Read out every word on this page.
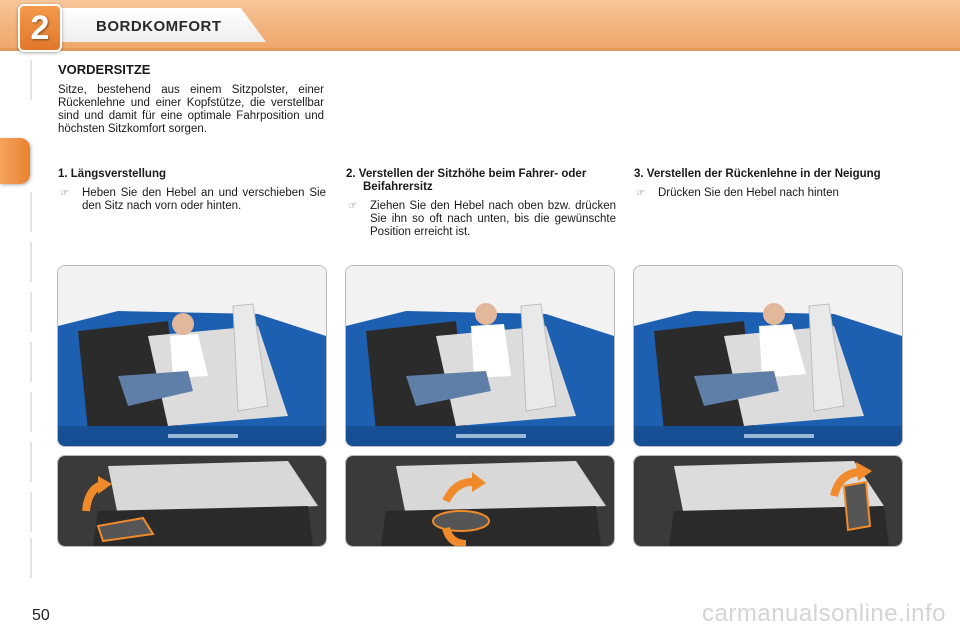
2	BORDKOMFORT
VORDERSITZE
Sitze, bestehend aus einem Sitzpolster, einer Rückenlehne und einer Kopfstütze, die verstellbar sind und damit für eine optimale Fahrposition und höchsten Sitzkomfort sorgen.
1. Längsverstellung
☞	Heben Sie den Hebel an und verschieben Sie den Sitz nach vorn oder hinten.
2. Verstellen der Sitzhöhe beim Fahrer- oder Beifahrersitz
☞	Ziehen Sie den Hebel nach oben bzw. drücken Sie ihn so oft nach unten, bis die gewünschte Position erreicht ist.
3. Verstellen der Rückenlehne in der Neigung
☞	Drücken Sie den Hebel nach hinten
50	carmanualsonline.info
